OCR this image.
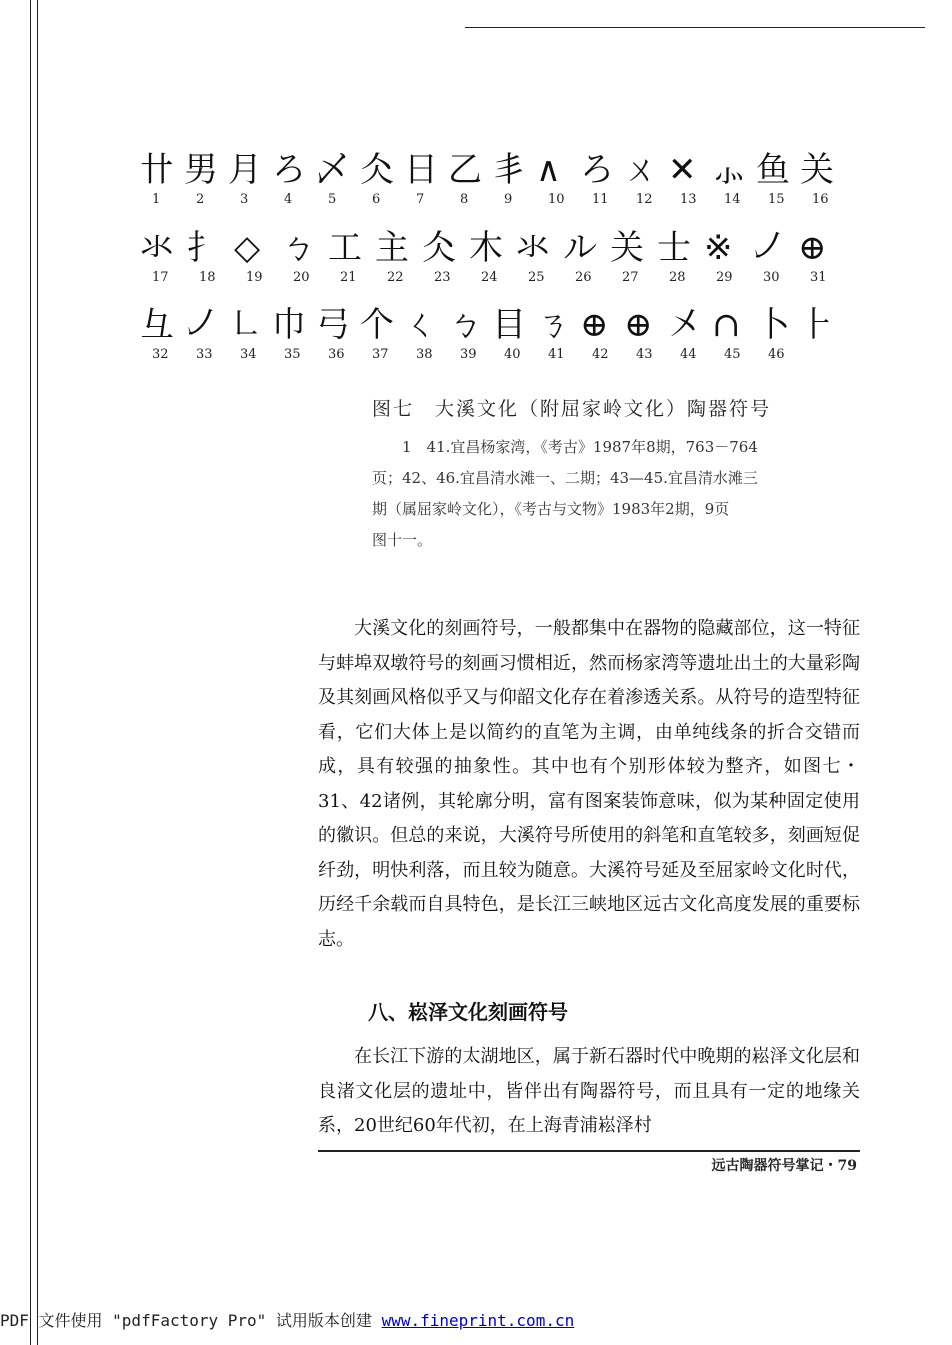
〹 男 月 ろ 乄 仌 日 乙 丯 ∧ ろ ㄨ ✕ ⺗ 鱼 关
1	2	3	4	5	6	7	8	9	10 11 12 13 14 15 16
氺 扌 ◇ ㄅ 工 主 仌 木 氺 ル 关 士 ※ ㇢ ⊕
17 18 19 20 21 22 23 24 25 26 27 28 29 30 31
⺔ ㇢ ㇗ ⼱ 弓 个 ㄑ ㄅ 目 ㄋ ⊕ ⊕ 㐅 ∩ 卜 ⺊
32 33 34 35 36 37 38 39 40 41 42 43 44 45 46
图七　大溪文化（附屈家岭文化）陶器符号

1　41.宜昌杨家湾，《考古》1987年8期，763－764

页；42、46.宜昌清水滩一、二期；43—45.宜昌清水滩三

期（属屈家岭文化），《考古与文物》1983年2期，9页

图十一。

大溪文化的刻画符号，一般都集中在器物的隐藏部位，这一特征与蚌埠双墩符号的刻画习惯相近，然而杨家湾等遗址出土的大量彩陶及其刻画风格似乎又与仰韶文化存在着渗透关系。从符号的造型特征看，它们大体上是以简约的直笔为主调，由单纯线条的折合交错而成，具有较强的抽象性。其中也有个别形体较为整齐，如图七・31、42诸例，其轮廓分明，富有图案装饰意味，似为某种固定使用的徽识。但总的来说，大溪符号所使用的斜笔和直笔较多，刻画短促纤劲，明快利落，而且较为随意。大溪符号延及至屈家岭文化时代，历经千余载而自具特色，是长江三峡地区远古文化高度发展的重要标志。

八、崧泽文化刻画符号

在长江下游的太湖地区，属于新石器时代中晚期的崧泽文化层和良渚文化层的遗址中，皆伴出有陶器符号，而且具有一定的地缘关系，20世纪60年代初，在上海青浦崧泽村

远古陶器符号掌记・79
PDF 文件使用 "pdfFactory Pro" 试用版本创建 www.fineprint.com.cn
